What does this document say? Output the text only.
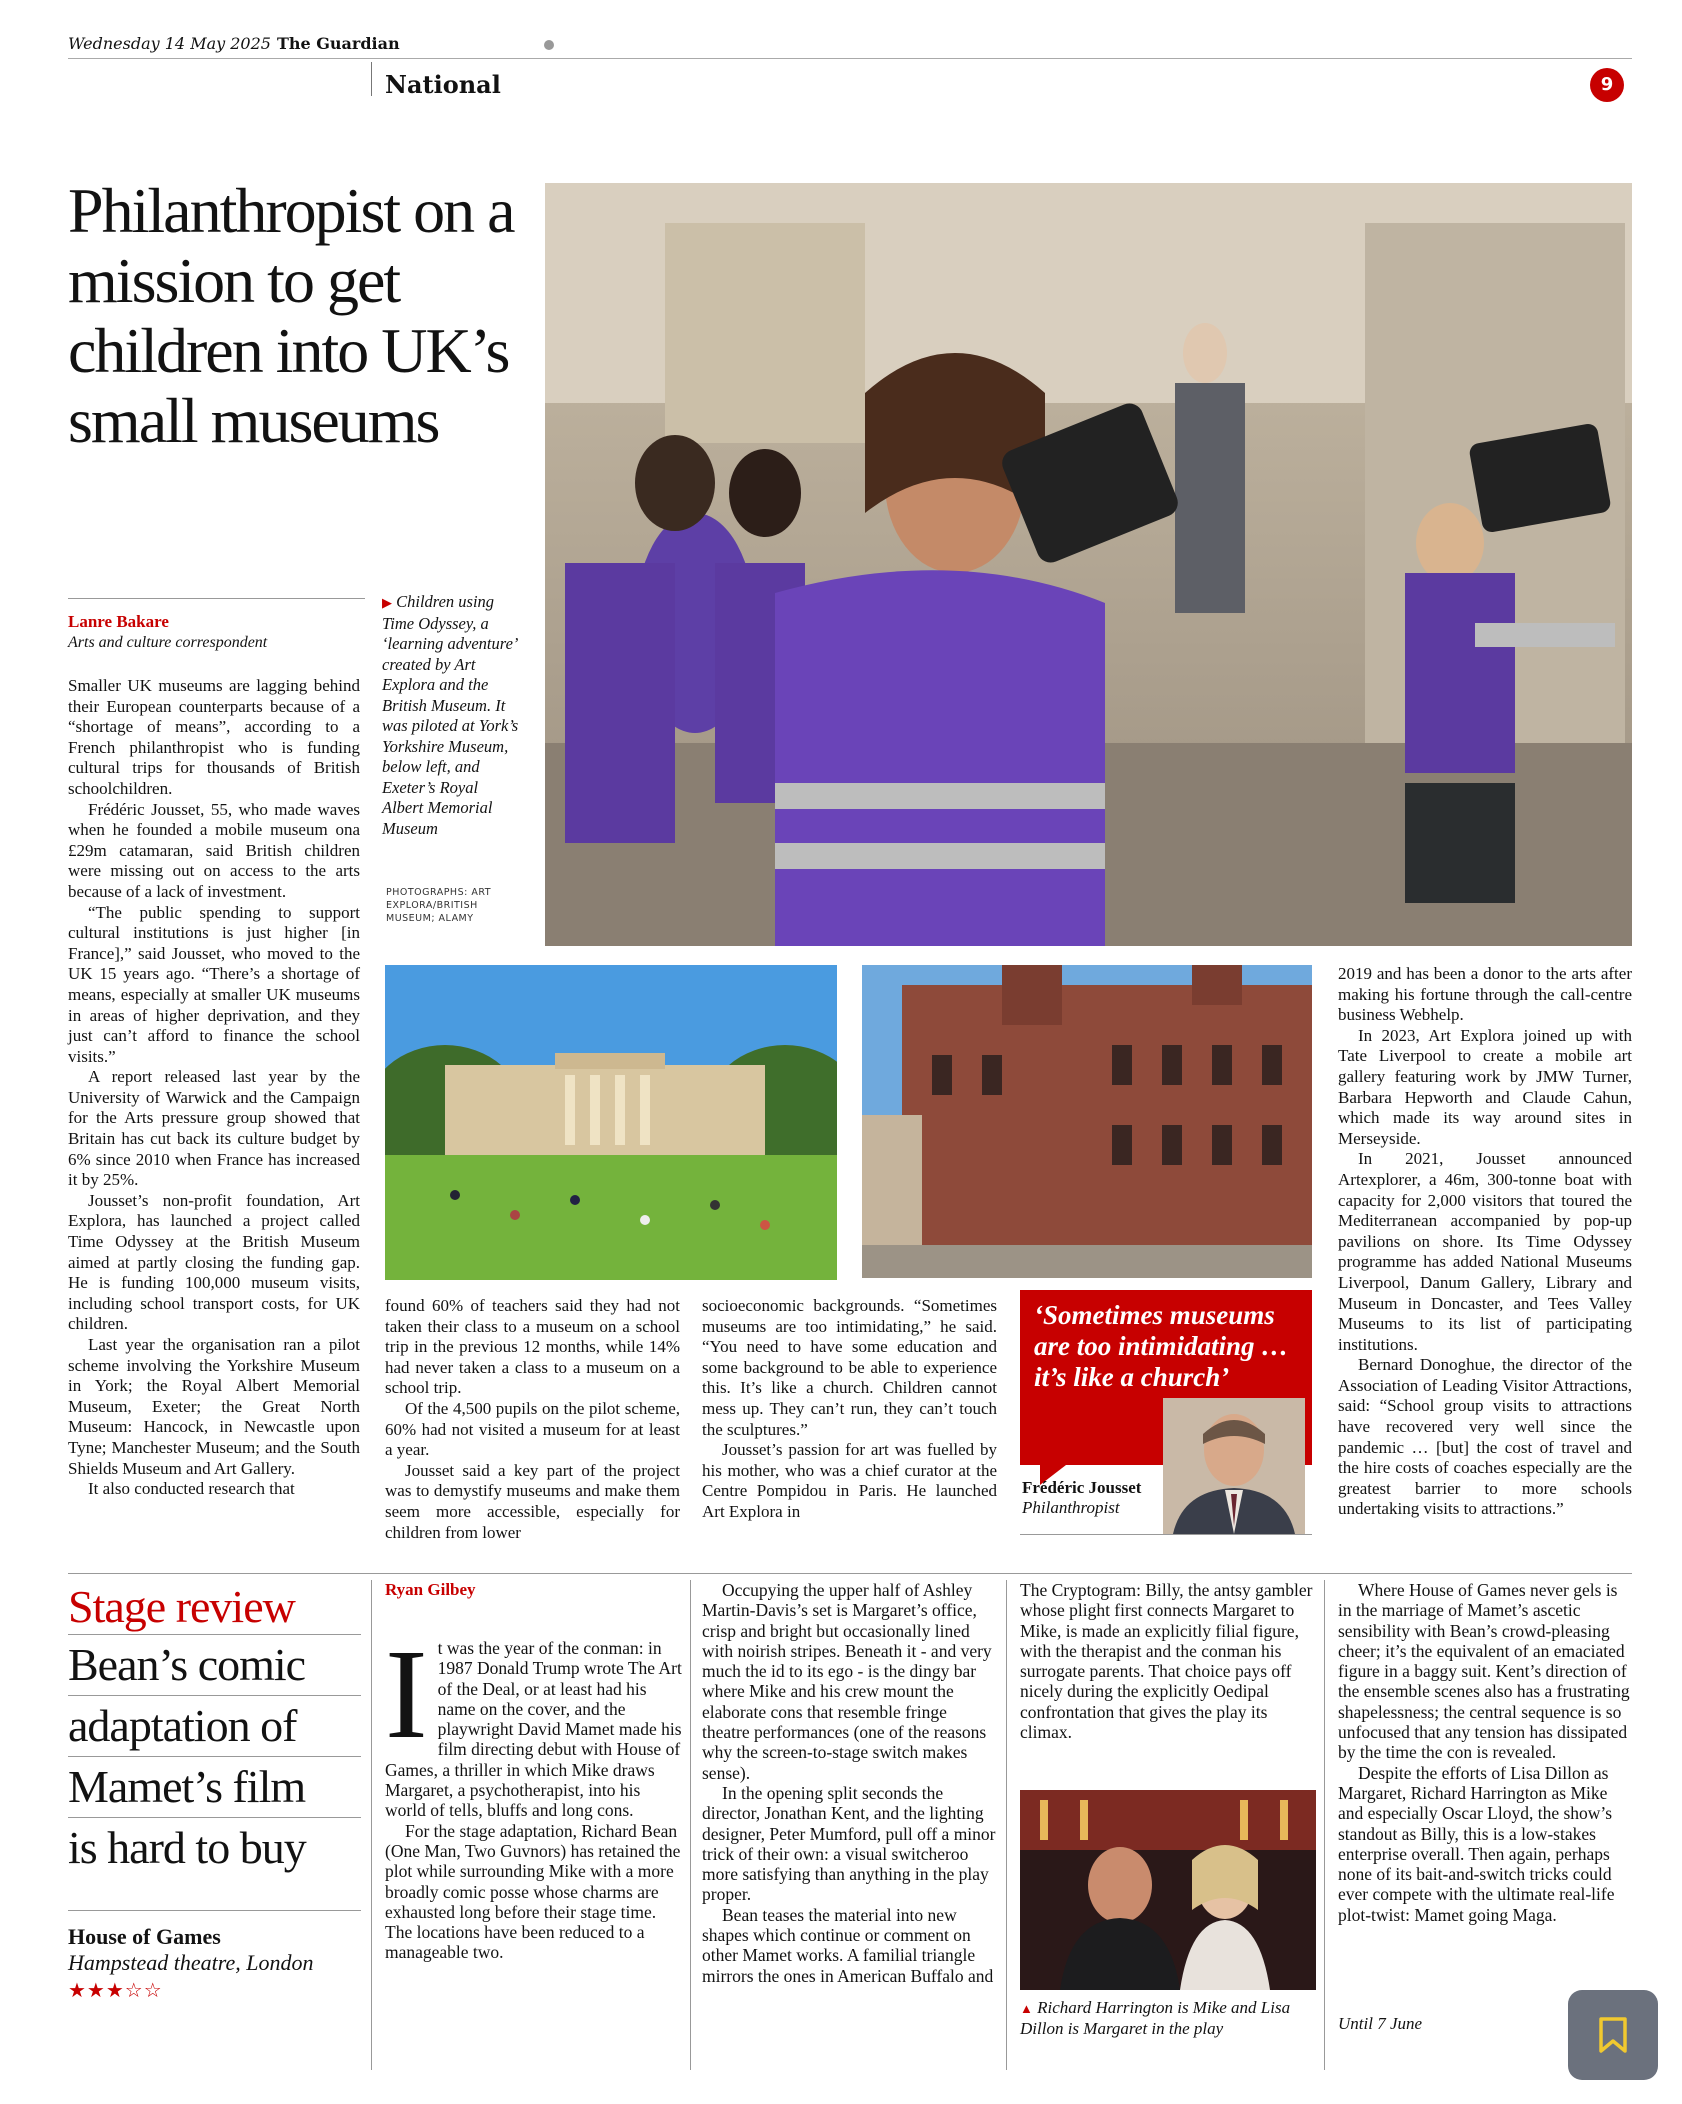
Wednesday 14 May 2025 The Guardian
National	9
Philanthropist on a mission to get children into UK’s small museums
Lanre Bakare
Arts and culture correspondent
▶ Children using Time Odyssey, a ‘learning adventure’ created by Art Explora and the British Museum. It was piloted at York’s Yorkshire Museum, below left, and Exeter’s Royal Albert Memorial Museum
PHOTOGRAPHS: ART EXPLORA/BRITISH MUSEUM; ALAMY

Smaller UK museums are lagging behind their European counterparts because of a “shortage of means”, according to a French philanthropist who is funding cultural trips for thousands of British schoolchildren.

Frédéric Jousset, 55, who made waves when he founded a mobile museum ona £29m catamaran, said British children were missing out on access to the arts because of a lack of investment.

“The public spending to support cultural institutions is just higher [in France],” said Jousset, who moved to the UK 15 years ago. “There’s a shortage of means, especially at smaller UK museums in areas of higher deprivation, and they just can’t afford to finance the school visits.”

A report released last year by the University of Warwick and the Campaign for the Arts pressure group showed that Britain has cut back its culture budget by 6% since 2010 when France has increased it by 25%.

Jousset’s non-profit foundation, Art Explora, has launched a project called Time Odyssey at the British Museum aimed at partly closing the funding gap. He is funding 100,000 museum visits, including school transport costs, for UK children.

Last year the organisation ran a pilot scheme involving the Yorkshire Museum in York; the Royal Albert Memorial Museum, Exeter; the Great North Museum: Hancock, in Newcastle upon Tyne; Manchester Museum; and the South Shields Museum and Art Gallery.

It also conducted research that

found 60% of teachers said they had not taken their class to a museum on a school trip in the previous 12 months, while 14% had never taken a class to a museum on a school trip.

Of the 4,500 pupils on the pilot scheme, 60% had not visited a museum for at least a year.

Jousset said a key part of the project was to demystify museums and make them seem more accessible, especially for children from lower

socioeconomic backgrounds. “Sometimes museums are too intimidating,” he said. “You need to have some education and some background to be able to experience this. It’s like a church. Children cannot mess up. They can’t run, they can’t touch the sculptures.”

Jousset’s passion for art was fuelled by his mother, who was a chief curator at the Centre Pompidou in Paris. He launched Art Explora in

‘Sometimes museums are too intimidating … it’s like a church’
Frédéric Jousset
Philanthropist

2019 and has been a donor to the arts after making his fortune through the call-centre business Webhelp.

In 2023, Art Explora joined up with Tate Liverpool to create a mobile art gallery featuring work by JMW Turner, Barbara Hepworth and Claude Cahun, which made its way around sites in Merseyside.

In 2021, Jousset announced Artexplorer, a 46m, 300-tonne boat with capacity for 2,000 visitors that toured the Mediterranean accompanied by pop-up pavilions on shore. Its Time Odyssey programme has added National Museums Liverpool, Danum Gallery, Library and Museum in Doncaster, and Tees Valley Museums to its list of participating institutions.

Bernard Donoghue, the director of the Association of Leading Visitor Attractions, said: “School group visits to attractions have recovered very well since the pandemic … [but] the cost of travel and the hire costs of coaches especially are the greatest barrier to more schools undertaking visits to attractions.”

Stage review
Bean’s comic
adaptation of
Mamet’s film
is hard to buy
House of Games
Hampstead theatre, London
★★★☆☆
Ryan Gilbey

It was the year of the conman: in 1987 Donald Trump wrote The Art of the Deal, or at least had his name on the cover, and the playwright David Mamet made his film directing debut with House of Games, a thriller in which Mike draws Margaret, a psychotherapist, into his world of tells, bluffs and long cons.

For the stage adaptation, Richard Bean (One Man, Two Guvnors) has retained the plot while surrounding Mike with a more broadly comic posse whose charms are exhausted long before their stage time. The locations have been reduced to a manageable two.

Occupying the upper half of Ashley Martin-Davis’s set is Margaret’s office, crisp and bright but occasionally lined with noirish stripes. Beneath it - and very much the id to its ego - is the dingy bar where Mike and his crew mount the elaborate cons that resemble fringe theatre performances (one of the reasons why the screen-to-stage switch makes sense).

In the opening split seconds the director, Jonathan Kent, and the lighting designer, Peter Mumford, pull off a minor trick of their own: a visual switcheroo more satisfying than anything in the play proper.

Bean teases the material into new shapes which continue or comment on other Mamet works. A familial triangle mirrors the ones in American Buffalo and

The Cryptogram: Billy, the antsy gambler whose plight first connects Margaret to Mike, is made an explicitly filial figure, with the therapist and the conman his surrogate parents. That choice pays off nicely during the explicitly Oedipal confrontation that gives the play its climax.

▲ Richard Harrington is Mike and Lisa Dillon is Margaret in the play

Where House of Games never gels is in the marriage of Mamet’s ascetic sensibility with Bean’s crowd-pleasing cheer; it’s the equivalent of an emaciated figure in a baggy suit. Kent’s direction of the ensemble scenes also has a frustrating shapelessness; the central sequence is so unfocused that any tension has dissipated by the time the con is revealed.

Despite the efforts of Lisa Dillon as Margaret, Richard Harrington as Mike and especially Oscar Lloyd, the show’s standout as Billy, this is a low-stakes enterprise overall. Then again, perhaps none of its bait-and-switch tricks could ever compete with the ultimate real-life plot-twist: Mamet going Maga.

Until 7 June
